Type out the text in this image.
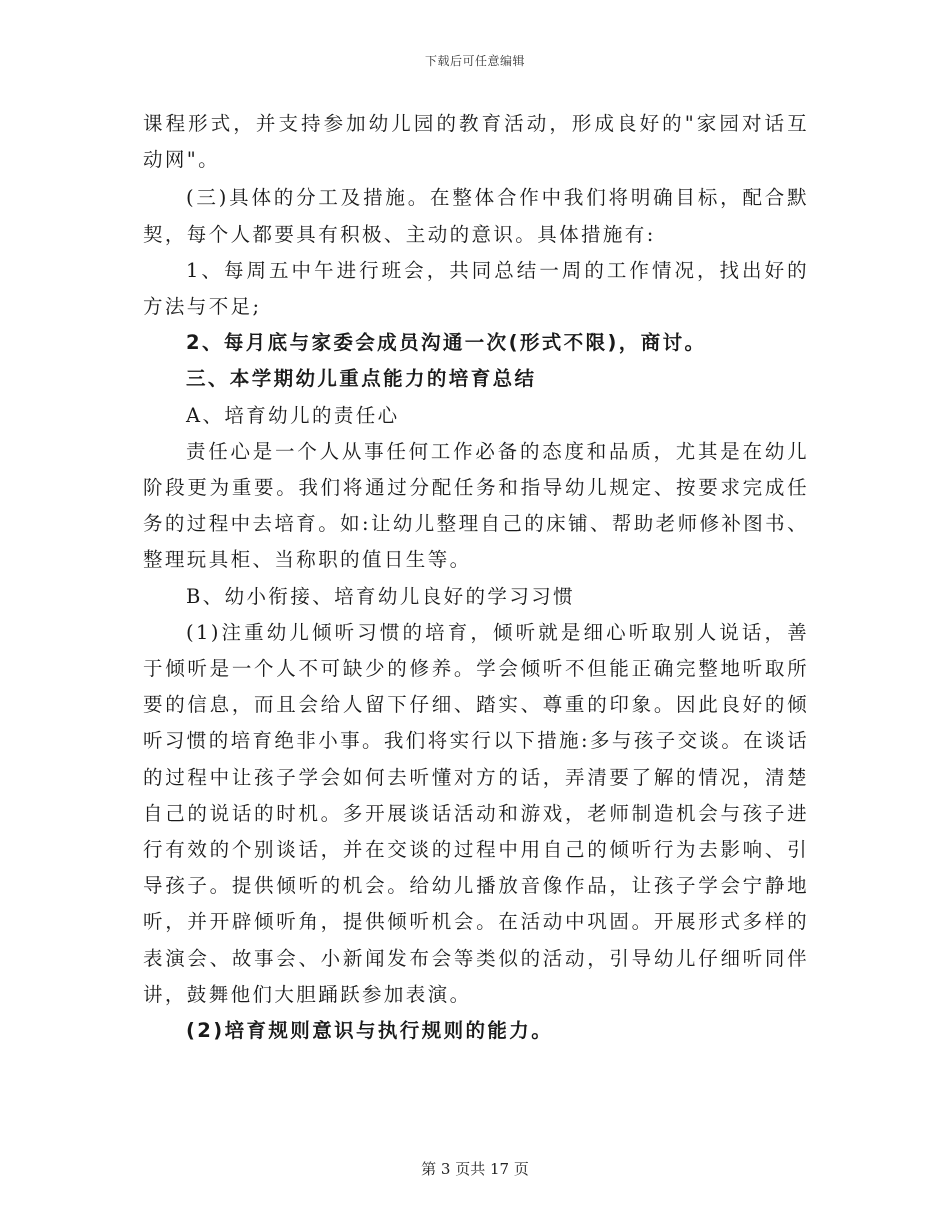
下载后可任意编辑

课程形式，并支持参加幼儿园的教育活动，形成良好的"家园对话互动网"。

(三)具体的分工及措施。在整体合作中我们将明确目标，配合默契，每个人都要具有积极、主动的意识。具体措施有:

1、每周五中午进行班会，共同总结一周的工作情况，找出好的方法与不足;

2、每月底与家委会成员沟通一次(形式不限)，商讨。

三、本学期幼儿重点能力的培育总结

A、培育幼儿的责任心

责任心是一个人从事任何工作必备的态度和品质，尤其是在幼儿阶段更为重要。我们将通过分配任务和指导幼儿规定、按要求完成任务的过程中去培育。如:让幼儿整理自己的床铺、帮助老师修补图书、整理玩具柜、当称职的值日生等。

B、幼小衔接、培育幼儿良好的学习习惯

(1)注重幼儿倾听习惯的培育，倾听就是细心听取别人说话，善于倾听是一个人不可缺少的修养。学会倾听不但能正确完整地听取所要的信息，而且会给人留下仔细、踏实、尊重的印象。因此良好的倾听习惯的培育绝非小事。我们将实行以下措施:多与孩子交谈。在谈话的过程中让孩子学会如何去听懂对方的话，弄清要了解的情况，清楚自己的说话的时机。多开展谈话活动和游戏，老师制造机会与孩子进行有效的个别谈话，并在交谈的过程中用自己的倾听行为去影响、引导孩子。提供倾听的机会。给幼儿播放音像作品，让孩子学会宁静地听，并开辟倾听角，提供倾听机会。在活动中巩固。开展形式多样的表演会、故事会、小新闻发布会等类似的活动，引导幼儿仔细听同伴讲，鼓舞他们大胆踊跃参加表演。

(2)培育规则意识与执行规则的能力。

第 3 页共 17 页
